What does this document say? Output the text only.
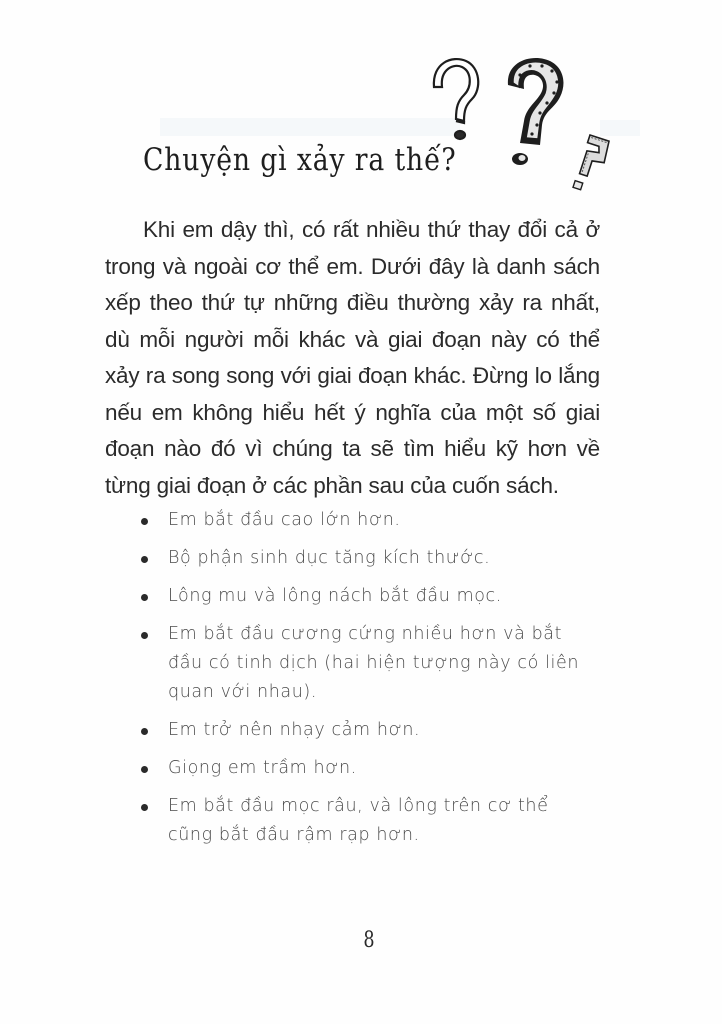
Chuyện gì xảy ra thế?

Khi em dậy thì, có rất nhiều thứ thay đổi cả ở trong và ngoài cơ thể em. Dưới đây là danh sách xếp theo thứ tự những điều thường xảy ra nhất, dù mỗi người mỗi khác và giai đoạn này có thể xảy ra song song với giai đoạn khác. Đừng lo lắng nếu em không hiểu hết ý nghĩa của một số giai đoạn nào đó vì chúng ta sẽ tìm hiểu kỹ hơn về từng giai đoạn ở các phần sau của cuốn sách.

Em bắt đầu cao lớn hơn.
Bộ phận sinh dục tăng kích thước.
Lông mu và lông nách bắt đầu mọc.
Em bắt đầu cương cứng nhiều hơn và bắt đầu có tinh dịch (hai hiện tượng này có liên quan với nhau).
Em trở nên nhạy cảm hơn.
Giọng em trầm hơn.
Em bắt đầu mọc râu, và lông trên cơ thể cũng bắt đầu rậm rạp hơn.
8
